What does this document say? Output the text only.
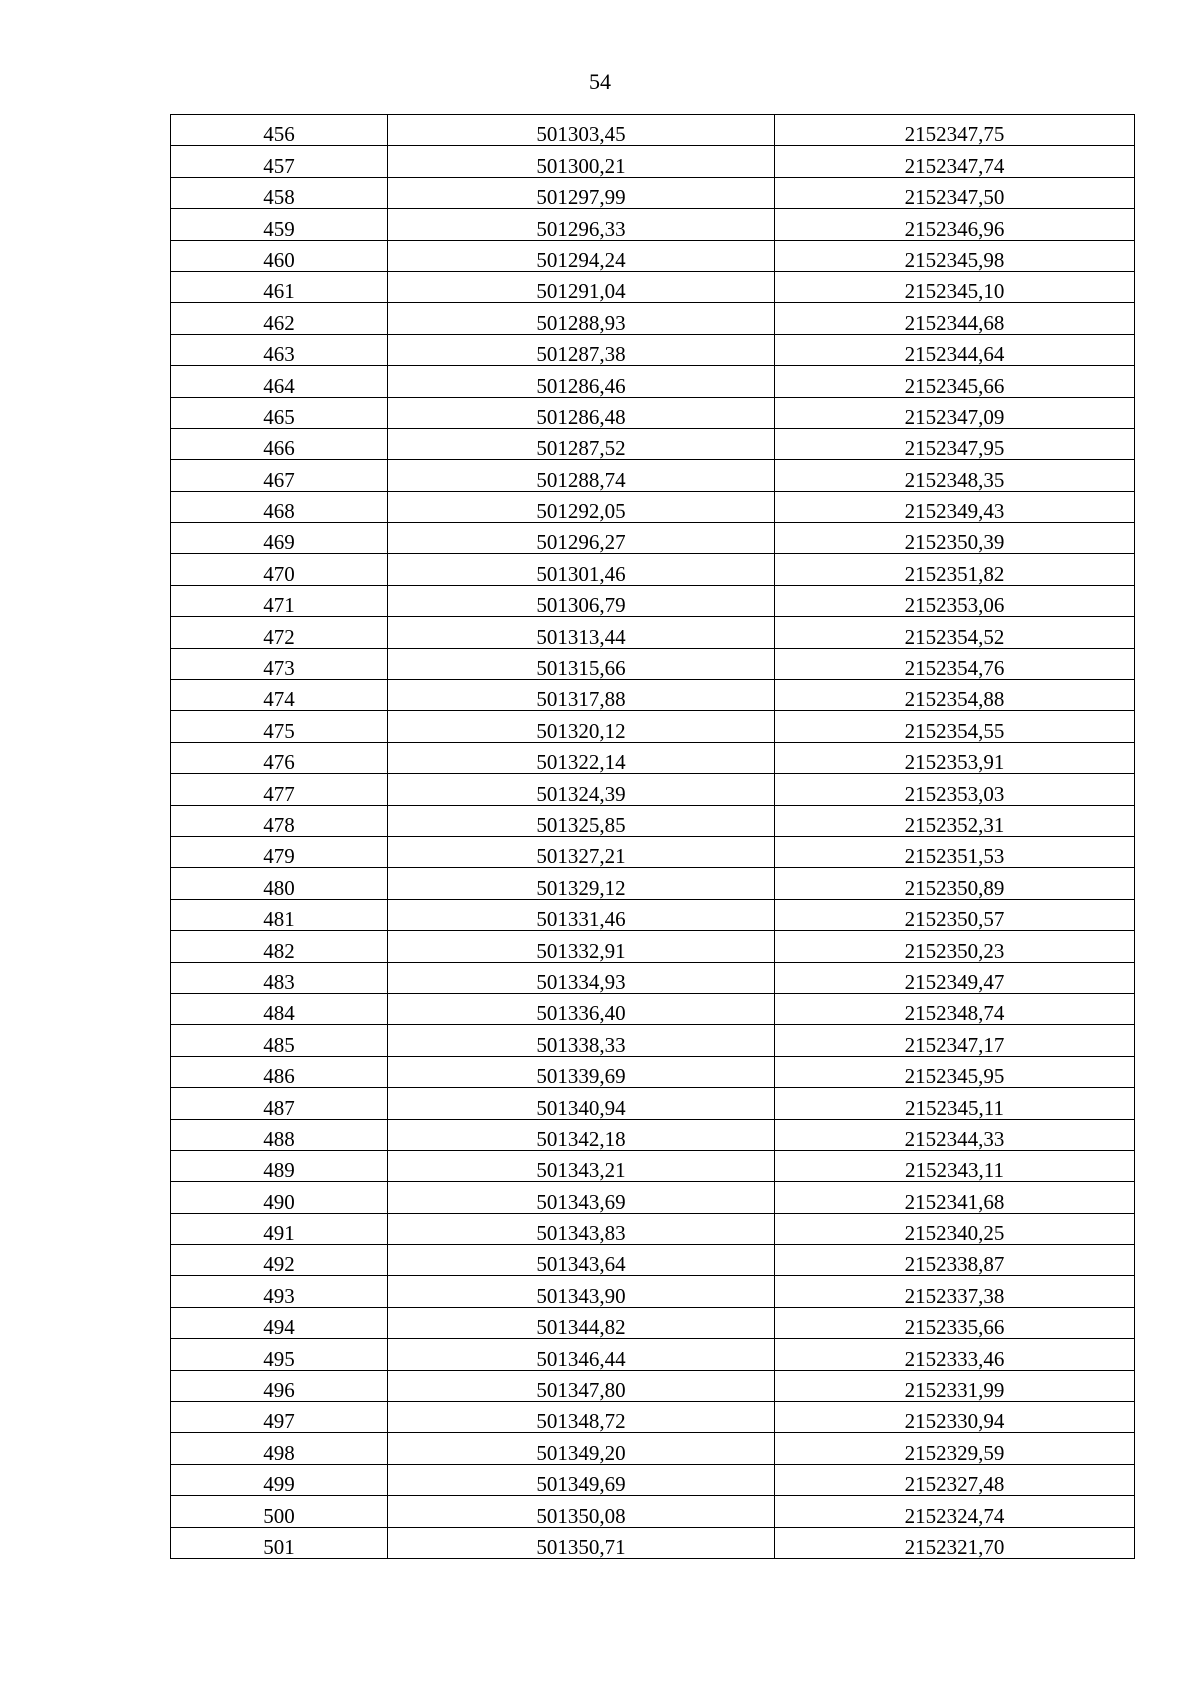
54
456	501303,45	2152347,75
457	501300,21	2152347,74
458	501297,99	2152347,50
459	501296,33	2152346,96
460	501294,24	2152345,98
461	501291,04	2152345,10
462	501288,93	2152344,68
463	501287,38	2152344,64
464	501286,46	2152345,66
465	501286,48	2152347,09
466	501287,52	2152347,95
467	501288,74	2152348,35
468	501292,05	2152349,43
469	501296,27	2152350,39
470	501301,46	2152351,82
471	501306,79	2152353,06
472	501313,44	2152354,52
473	501315,66	2152354,76
474	501317,88	2152354,88
475	501320,12	2152354,55
476	501322,14	2152353,91
477	501324,39	2152353,03
478	501325,85	2152352,31
479	501327,21	2152351,53
480	501329,12	2152350,89
481	501331,46	2152350,57
482	501332,91	2152350,23
483	501334,93	2152349,47
484	501336,40	2152348,74
485	501338,33	2152347,17
486	501339,69	2152345,95
487	501340,94	2152345,11
488	501342,18	2152344,33
489	501343,21	2152343,11
490	501343,69	2152341,68
491	501343,83	2152340,25
492	501343,64	2152338,87
493	501343,90	2152337,38
494	501344,82	2152335,66
495	501346,44	2152333,46
496	501347,80	2152331,99
497	501348,72	2152330,94
498	501349,20	2152329,59
499	501349,69	2152327,48
500	501350,08	2152324,74
501	501350,71	2152321,70
